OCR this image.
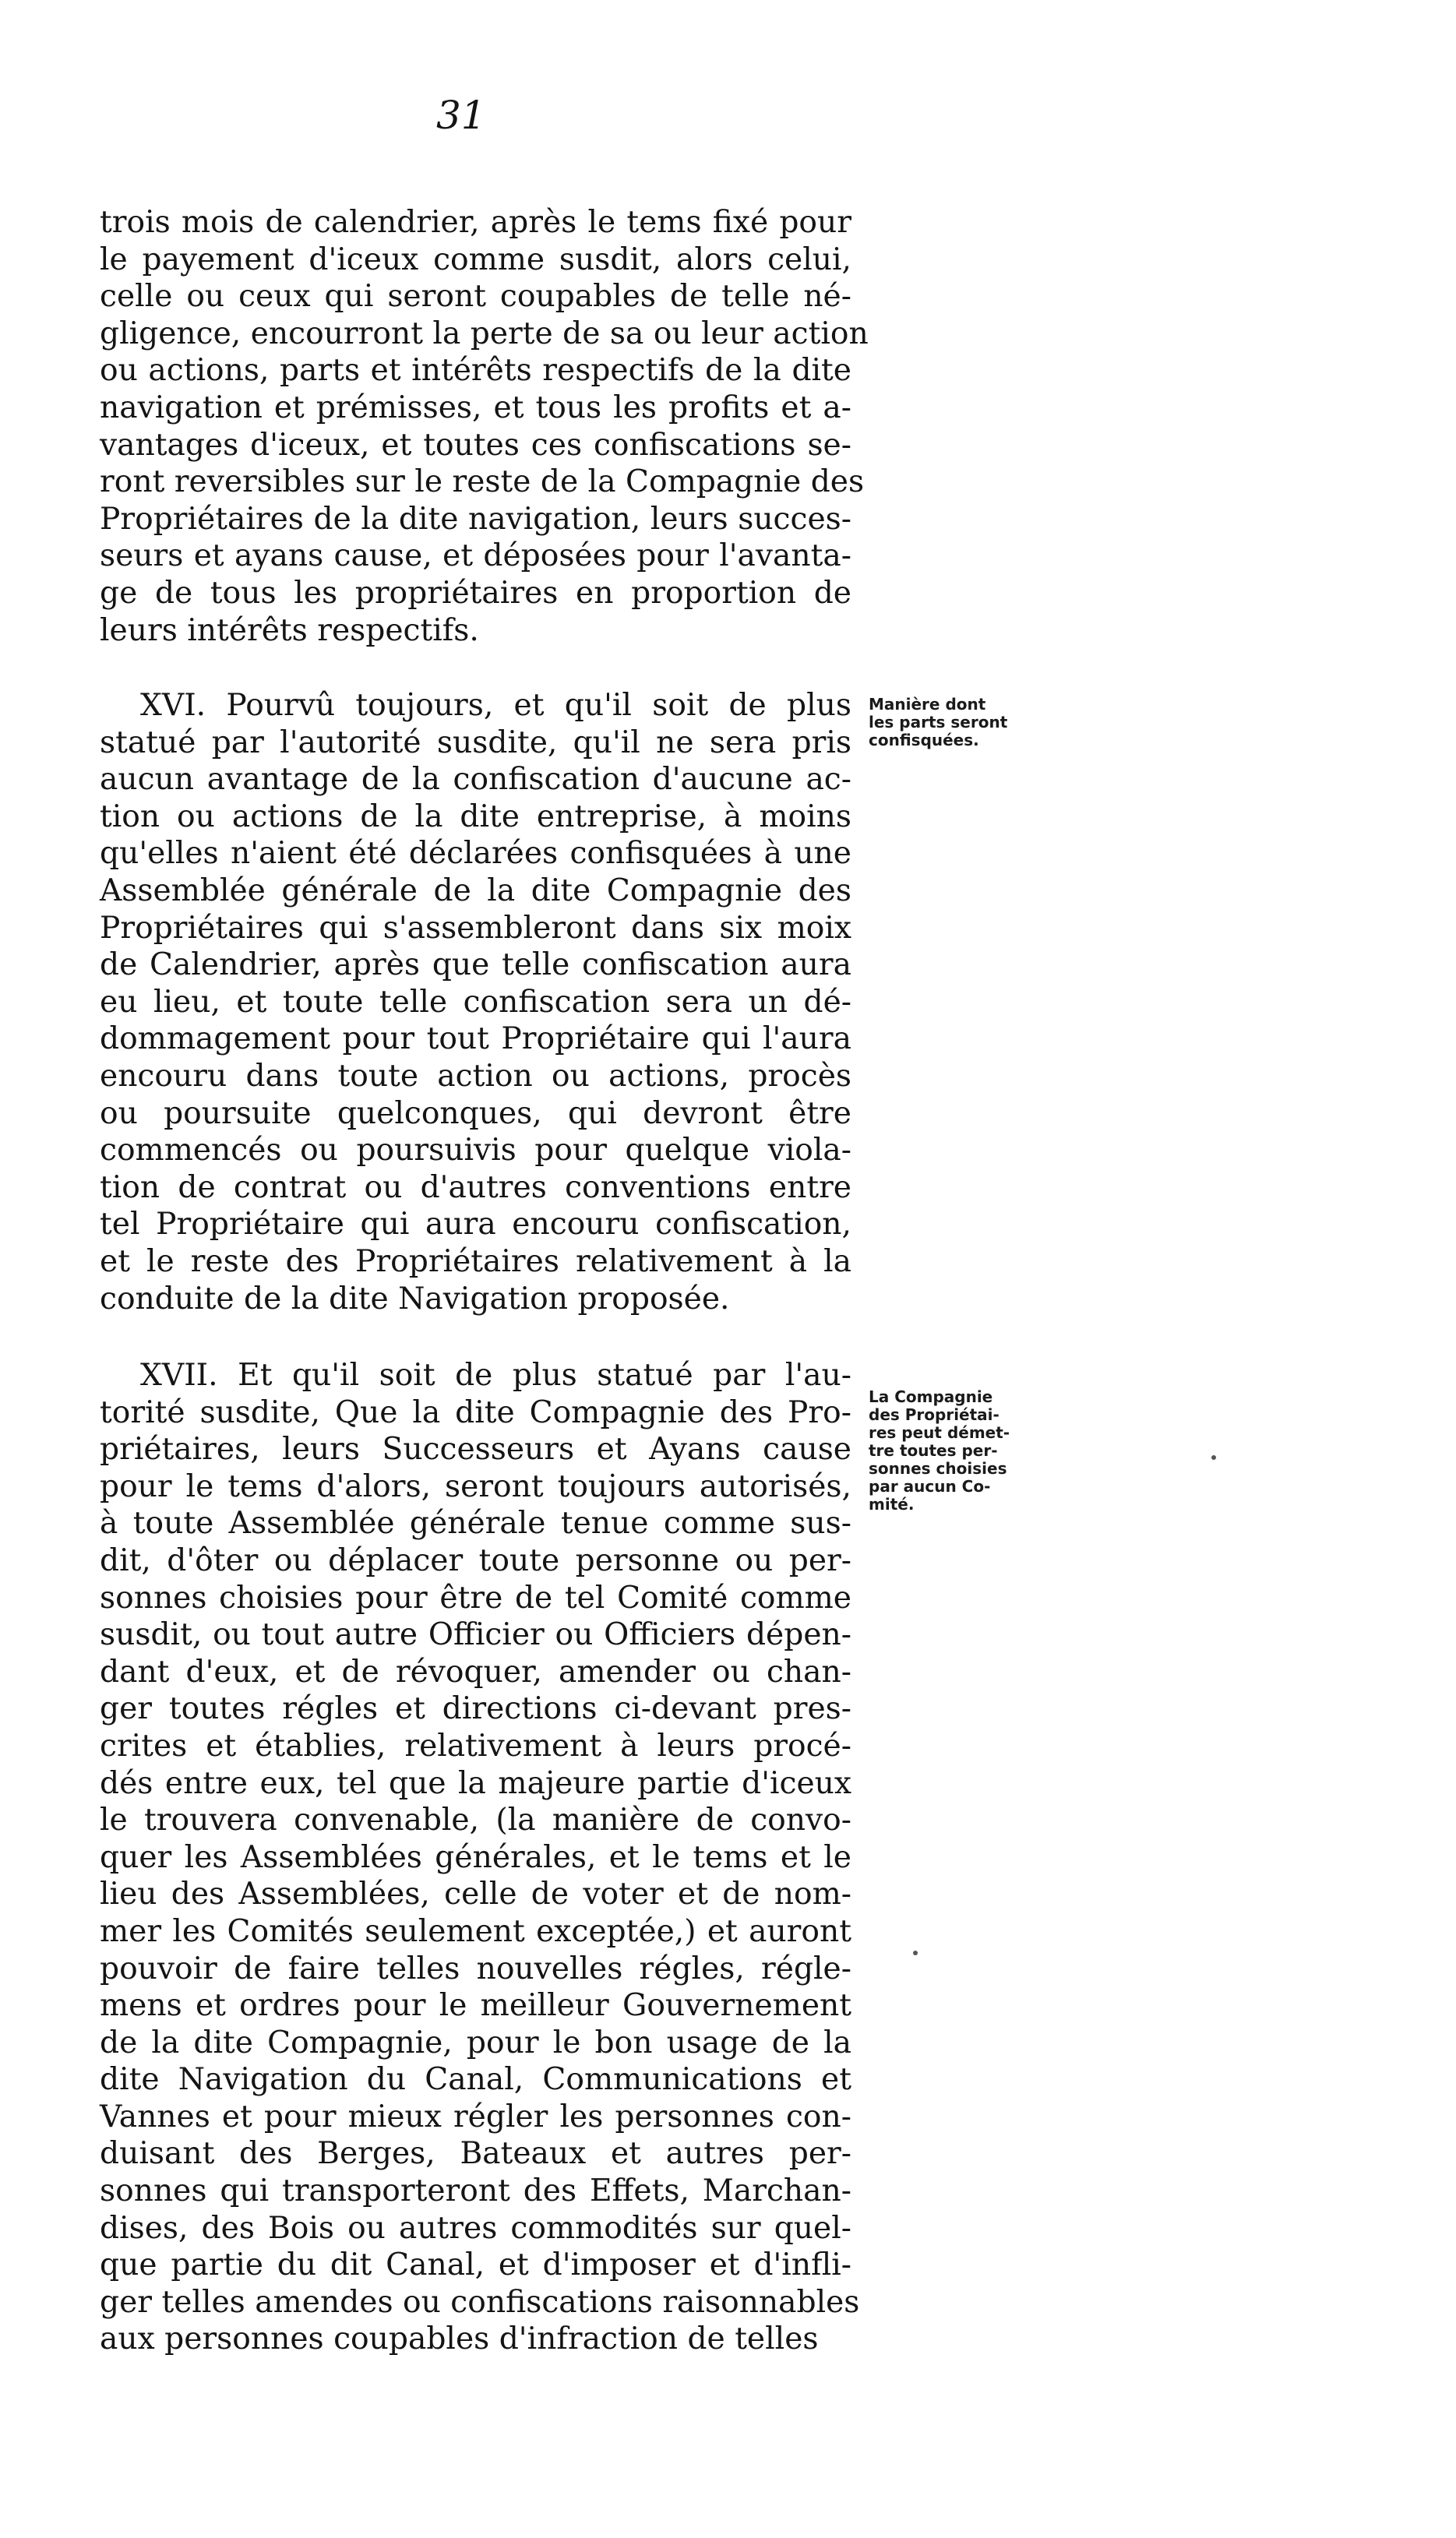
31
trois mois de calendrier, après le tems fixé pour
le payement d'iceux comme susdit, alors celui,
celle ou ceux qui seront coupables de telle né-
gligence, encourront la perte de sa ou leur action
ou actions, parts et intérêts respectifs de la dite
navigation et prémisses, et tous les profits et a-
vantages d'iceux, et toutes ces confiscations se-
ront reversibles sur le reste de la Compagnie des
Propriétaires de la dite navigation, leurs succes-
seurs et ayans cause, et déposées pour l'avanta-
ge de tous les propriétaires en proportion de
leurs intérêts respectifs.
XVI. Pourvû toujours, et qu'il soit de plus
statué par l'autorité susdite, qu'il ne sera pris
aucun avantage de la confiscation d'aucune ac-
tion ou actions de la dite entreprise, à moins
qu'elles n'aient été déclarées confisquées à une
Assemblée générale de la dite Compagnie des
Propriétaires qui s'assembleront dans six moix
de Calendrier, après que telle confiscation aura
eu lieu, et toute telle confiscation sera un dé-
dommagement pour tout Propriétaire qui l'aura
encouru dans toute action ou actions, procès
ou poursuite quelconques, qui devront être
commencés ou poursuivis pour quelque viola-
tion de contrat ou d'autres conventions entre
tel Propriétaire qui aura encouru confiscation,
et le reste des Propriétaires relativement à la
conduite de la dite Navigation proposée.
XVII. Et qu'il soit de plus statué par l'au-
torité susdite, Que la dite Compagnie des Pro-
priétaires, leurs Successeurs et Ayans cause
pour le tems d'alors, seront toujours autorisés,
à toute Assemblée générale tenue comme sus-
dit, d'ôter ou déplacer toute personne ou per-
sonnes choisies pour être de tel Comité comme
susdit, ou tout autre Officier ou Officiers dépen-
dant d'eux, et de révoquer, amender ou chan-
ger toutes régles et directions ci-devant pres-
crites et établies, relativement à leurs procé-
dés entre eux, tel que la majeure partie d'iceux
le trouvera convenable, (la manière de convo-
quer les Assemblées générales, et le tems et le
lieu des Assemblées, celle de voter et de nom-
mer les Comités seulement exceptée,) et auront
pouvoir de faire telles nouvelles régles, régle-
mens et ordres pour le meilleur Gouvernement
de la dite Compagnie, pour le bon usage de la
dite Navigation du Canal, Communications et
Vannes et pour mieux régler les personnes con-
duisant des Berges, Bateaux et autres per-
sonnes qui transporteront des Effets, Marchan-
dises, des Bois ou autres commodités sur quel-
que partie du dit Canal, et d'imposer et d'infli-
ger telles amendes ou confiscations raisonnables
aux personnes coupables d'infraction de telles
Manière dont
les parts seront
confisquées.
La Compagnie
des Propriétai-
res peut démet-
tre toutes per-
sonnes choisies
par aucun Co-
mité.
